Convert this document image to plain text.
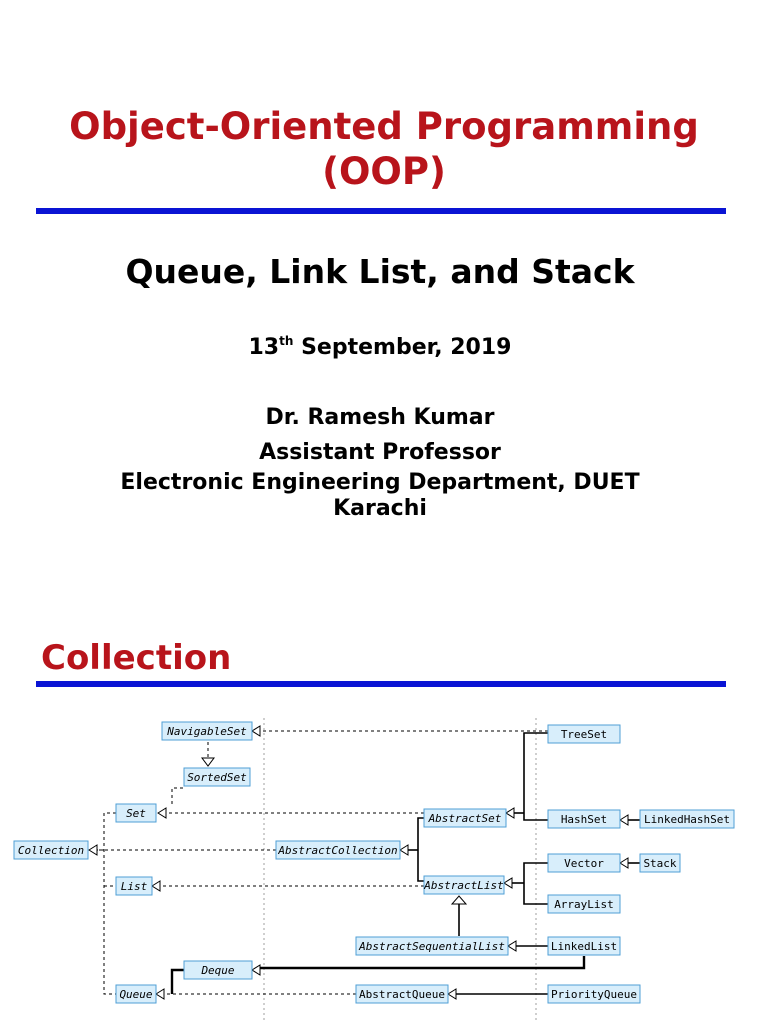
Object-Oriented Programming
(OOP)
Queue, Link List, and Stack
13th September, 2019
Dr. Ramesh Kumar
Assistant Professor
Electronic Engineering Department, DUET
Karachi
Collection
NavigableSet
SortedSet
Set
Collection
List
Deque
Queue
AbstractCollection
AbstractSet
AbstractList
AbstractSequentialList
AbstractQueue
TreeSet
HashSet	LinkedHashSet
Vector	Stack
ArrayList
LinkedList
PriorityQueue
